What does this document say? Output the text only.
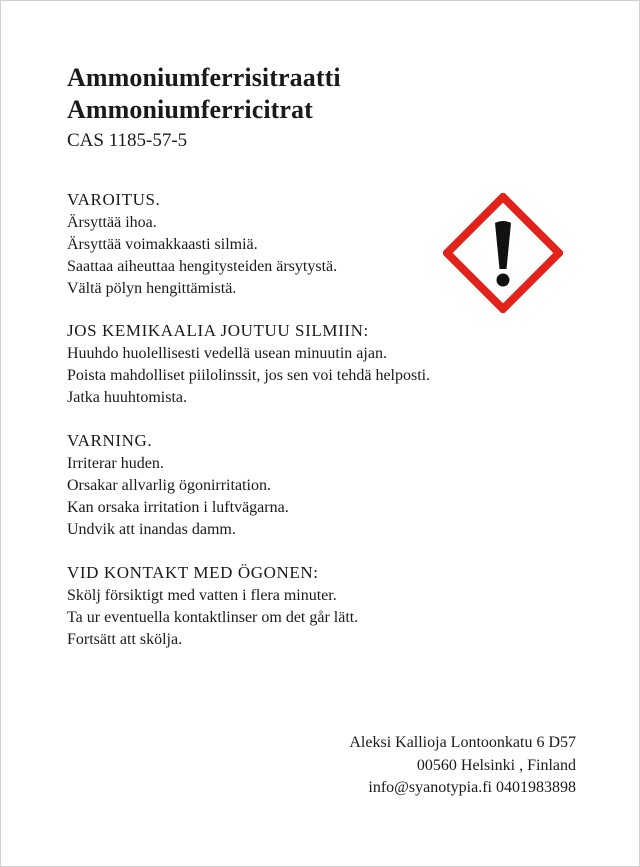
Ammoniumferrisitraatti
Ammoniumferricitrat
CAS 1185-57-5
VAROITUS.
Ärsyttää ihoa.
Ärsyttää voimakkaasti silmiä.
Saattaa aiheuttaa hengitysteiden ärsytystä.
Vältä pölyn hengittämistä.
JOS KEMIKAALIA JOUTUU SILMIIN:
Huuhdo huolellisesti vedellä usean minuutin ajan.
Poista mahdolliset piilolinssit, jos sen voi tehdä helposti.
Jatka huuhtomista.
VARNING.
Irriterar huden.
Orsakar allvarlig ögonirritation.
Kan orsaka irritation i luftvägarna.
Undvik att inandas damm.
VID KONTAKT MED ÖGONEN:
Skölj försiktigt med vatten i flera minuter.
Ta ur eventuella kontaktlinser om det går lätt.
Fortsätt att skölja.
Aleksi Kallioja Lontoonkatu 6 D57
00560 Helsinki , Finland
info@syanotypia.fi 0401983898
